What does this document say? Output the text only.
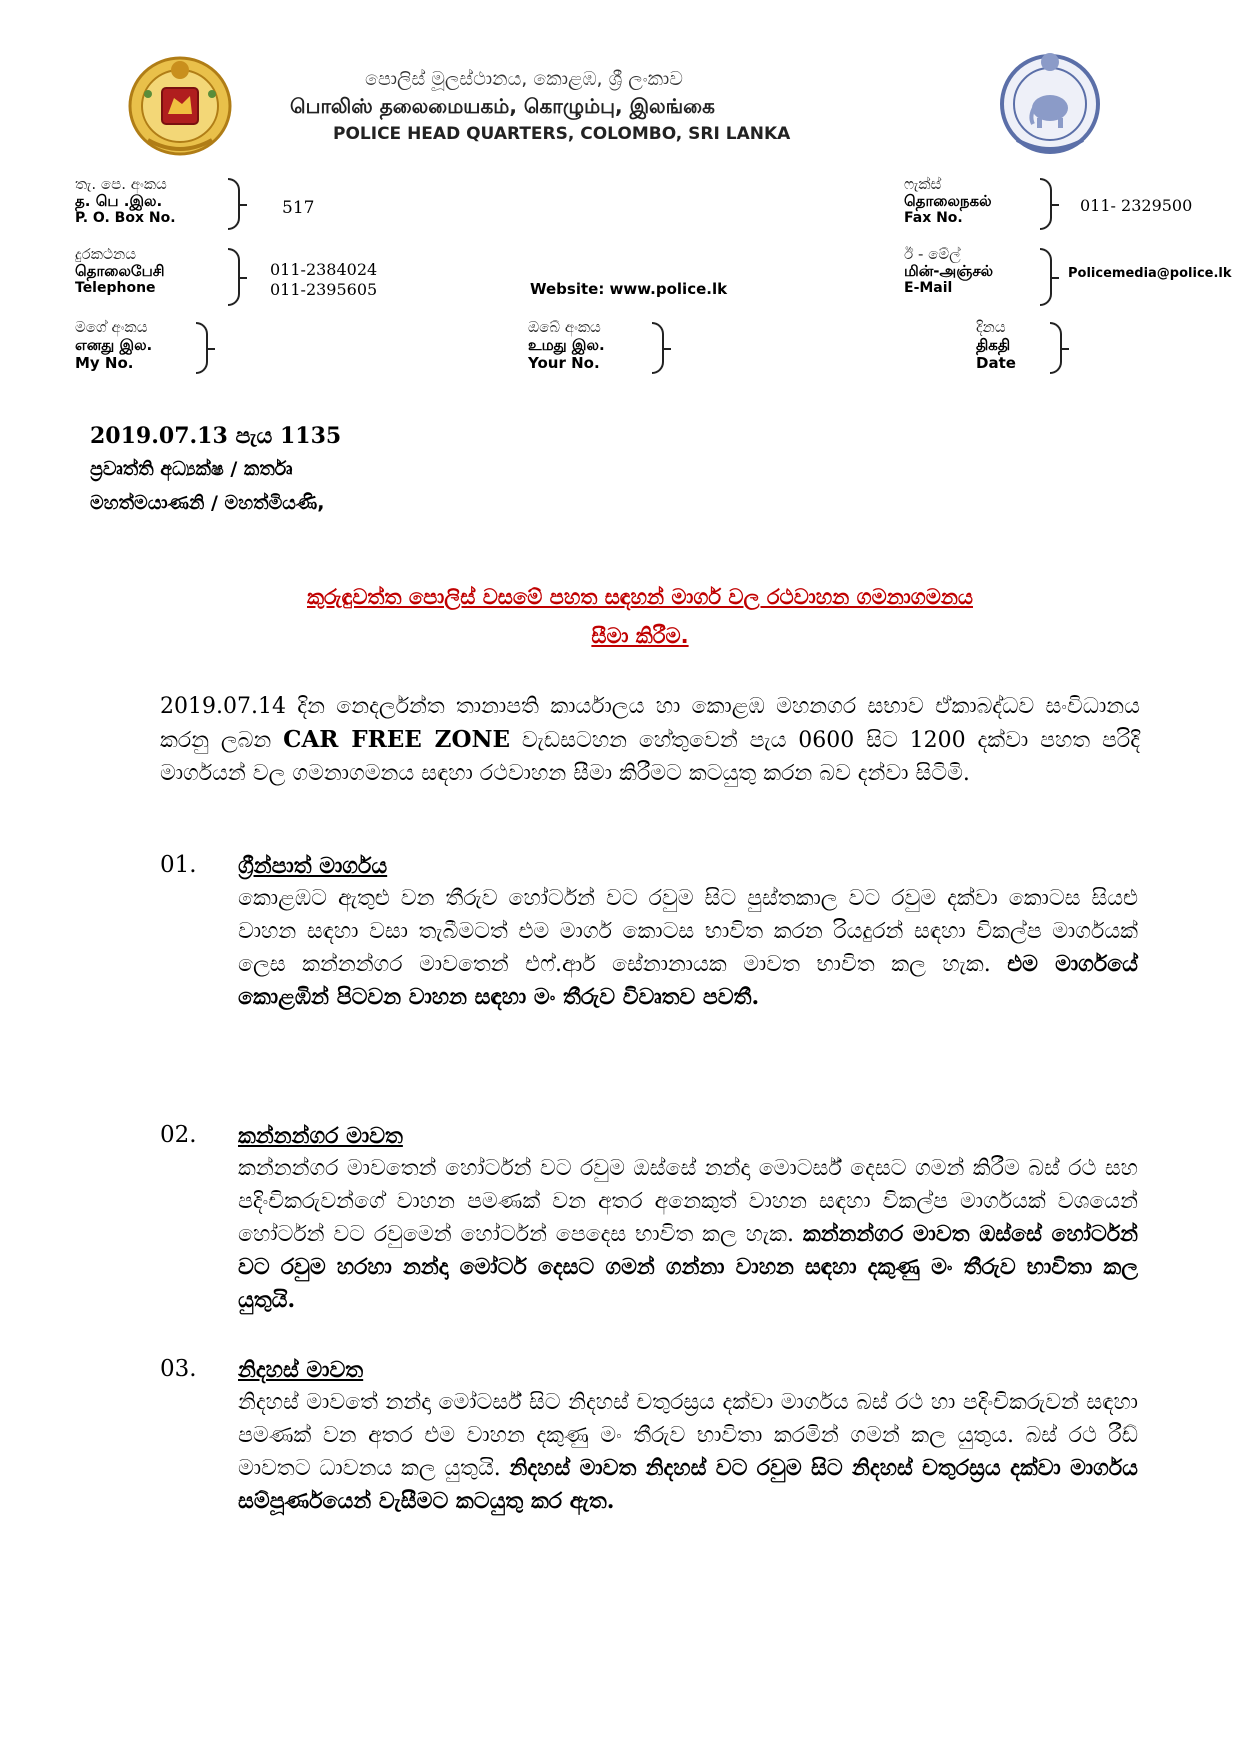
පොලිස් මූලස්ථානය, කොළඹ, ශ්‍රී ලංකාව
பொலிஸ் தலைமையகம், கொழும்பு, இலங்கை
POLICE HEAD QUARTERS, COLOMBO, SRI LANKA
තැ. පෙ. අංකය
த. பெ .இல.
P. O. Box No.	517
දුරකථනය
தொலைபேசி
Telephone
011-2384024
011-2395605	Website: www.police.lk
ෆැක්ස්
தொலைநகல்
Fax No.
011- 2329500
ඊ - මේල්
மின்-அஞ்சல்
E-Mail
Policemedia@police.lk
මගේ අංකය
எனது இல.
My No.
ඔබේ අංකය
உமது இல.
Your No.
දිනය
திகதி
Date
2019.07.13 පැය 1135
ප්‍රවෘත්ති අධ්‍යක්ෂ / කර්තෘ
මහත්මයාණනි / මහත්මියණි,
කුරුඳුවත්ත පොලිස් වසමේ පහත සඳහන් මාර්ග වල රථවාහන ගමනාගමනය
සීමා කිරීම.
2019.07.14 දින නෙදර්ලන්ත තානාපති කාර්යාලය හා කොළඹ මහනගර සභාව ඒකාබද්ධව සංවිධානය කරනු ලබන CAR FREE ZONE වැඩසටහන හේතුවෙන් පැය 0600 සිට 1200 දක්වා පහත පරිදි මාර්ගයන් වල ගමනාගමනය සඳහා රථවාහන සීමා කිරීමට කටයුතු කරන බව දන්වා සිටිමි.
01. ග්‍රීන්පාත් මාර්ගය
කොළඹට ඇතුළු වන තීරුව හෝර්ටන් වට රවුම සිට පුස්තකාල වට රවුම දක්වා කොටස සියළු වාහන සඳහා වසා තැබීමටත් එම මාර්ග කොටස භාවිත කරන රියදුරන් සඳහා විකල්ප මාර්ගයක් ලෙස කන්නන්ගර මාවතෙන් එෆ්.ආර් සේනානායක මාවත භාවිත කල හැක. එම මාර්ගයේ කොළඹින් පිටවන වාහන සඳහා මං තීරුව විවෘතව පවතී.
02. කන්නන්ගර මාවත
කන්නන්ගර මාවතෙන් හෝර්ටන් වට රවුම ඔස්සේ නන්දා මොටර්ස් දෙසට ගමන් කිරීම බස් රථ සහ පදිංචිකරුවන්ගේ වාහන පමණක් වන අතර අනෙකුත් වාහන සඳහා විකල්ප මාර්ගයක් වශයෙන් හෝර්ටන් වට රවුමෙන් හෝර්ටන් පෙදෙස භාවිත කල හැක. කන්නන්ගර මාවත ඔස්සේ හෝර්ටන් වට රවුම හරහා නන්දා මෝටර් දෙසට ගමන් ගන්නා වාහන සඳහා දකුණු මං තීරුව භාවිතා කල යුතුයි.
03. නිදහස් මාවත
නිදහස් මාවතේ නන්දා මෝටර්ස් සිට නිදහස් චතුරස්‍රය දක්වා මාර්ගය බස් රථ හා පදිංචිකරුවන් සඳහා පමණක් වන අතර එම වාහන දකුණු මං තීරුව භාවිතා කරමින් ගමන් කල යුතුය. බස් රථ රීඩ් මාවතට ධාවනය කල යුතුයි. නිදහස් මාවත නිදහස් වට රවුම සිට නිදහස් චතුරස්‍රය දක්වා මාර්ගය සම්පූර්ණයෙන් වැසීමට කටයුතු කර ඇත.
